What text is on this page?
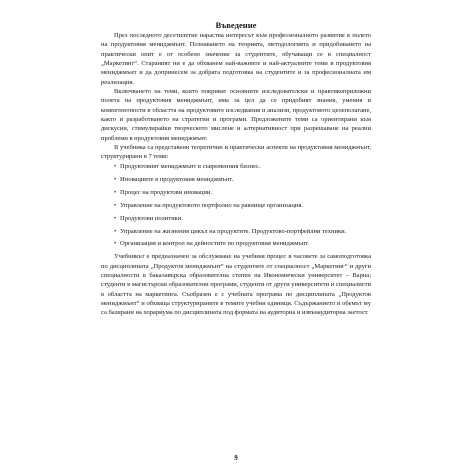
Въведение

През последното десетилетие нараства интересът към професионалното развитие в полето на продуктовия мениджмънт. Познаването на теорията, методологията и придобиването на практически опит е от особено значение за студентите, обучаващи се в специалност „Маркетинг“. Стараният ни е да обхванем най-важните и най-актуалните теми в продуктовия мениджмънт и да допринесем за добрата подготовка на студентите и за професионалната им реализация.

Включването на теми, които покриват основните изследователски и практикоприложни полета на продуктовия мениджмънт, има за цел да се придобият знания, умения и компетентности в областта на продуктовите изследвания и анализи, продуктовото целеполагане, както и разработването на стратегии и програми. Предложените теми са ориентирани към дискусии, стимулирайки творческото мислене и алтернативност при разрешаване на реални проблеми в продуктовия мениджмънт.

В учебника са представени теоретични и практически аспекти на продуктовия мениджмънт, структурирани в 7 теми:

• Продуктовият мениджмънт в съвременния бизнес.
• Иновациите в продуктовия мениджмънт.
• Процес на продуктови иновации.
• Управление на продуктовото портфолио на равнище организация.
• Продуктови политики.
• Управление на жизнения цикъл на продуктите. Продуктово-портфейлни техники.
• Организация и контрол на дейностите по продуктовия мениджмънт.

Учебникът е предназначен за обслужване на учебния процес в часовете за самоподготовка по дисциплината „Продуктов мениджмънт“ на студентите от специалност „Маркетинг“ и други специалности в бакалавърска образователна степен на Икономически университет – Варна; студенти в магистърски образователни програми, студенти от други университети и специалисти в областта на маркетинга. Съобразен е с учебната програма по дисциплината „Продуктов мениджмънт“ и обхваща структурираните в темите учебни единици. Съдържанието и обемът му са базирани на хорариума по дисциплината под формата на аудиторна и извънаудиторна заетост.

9
